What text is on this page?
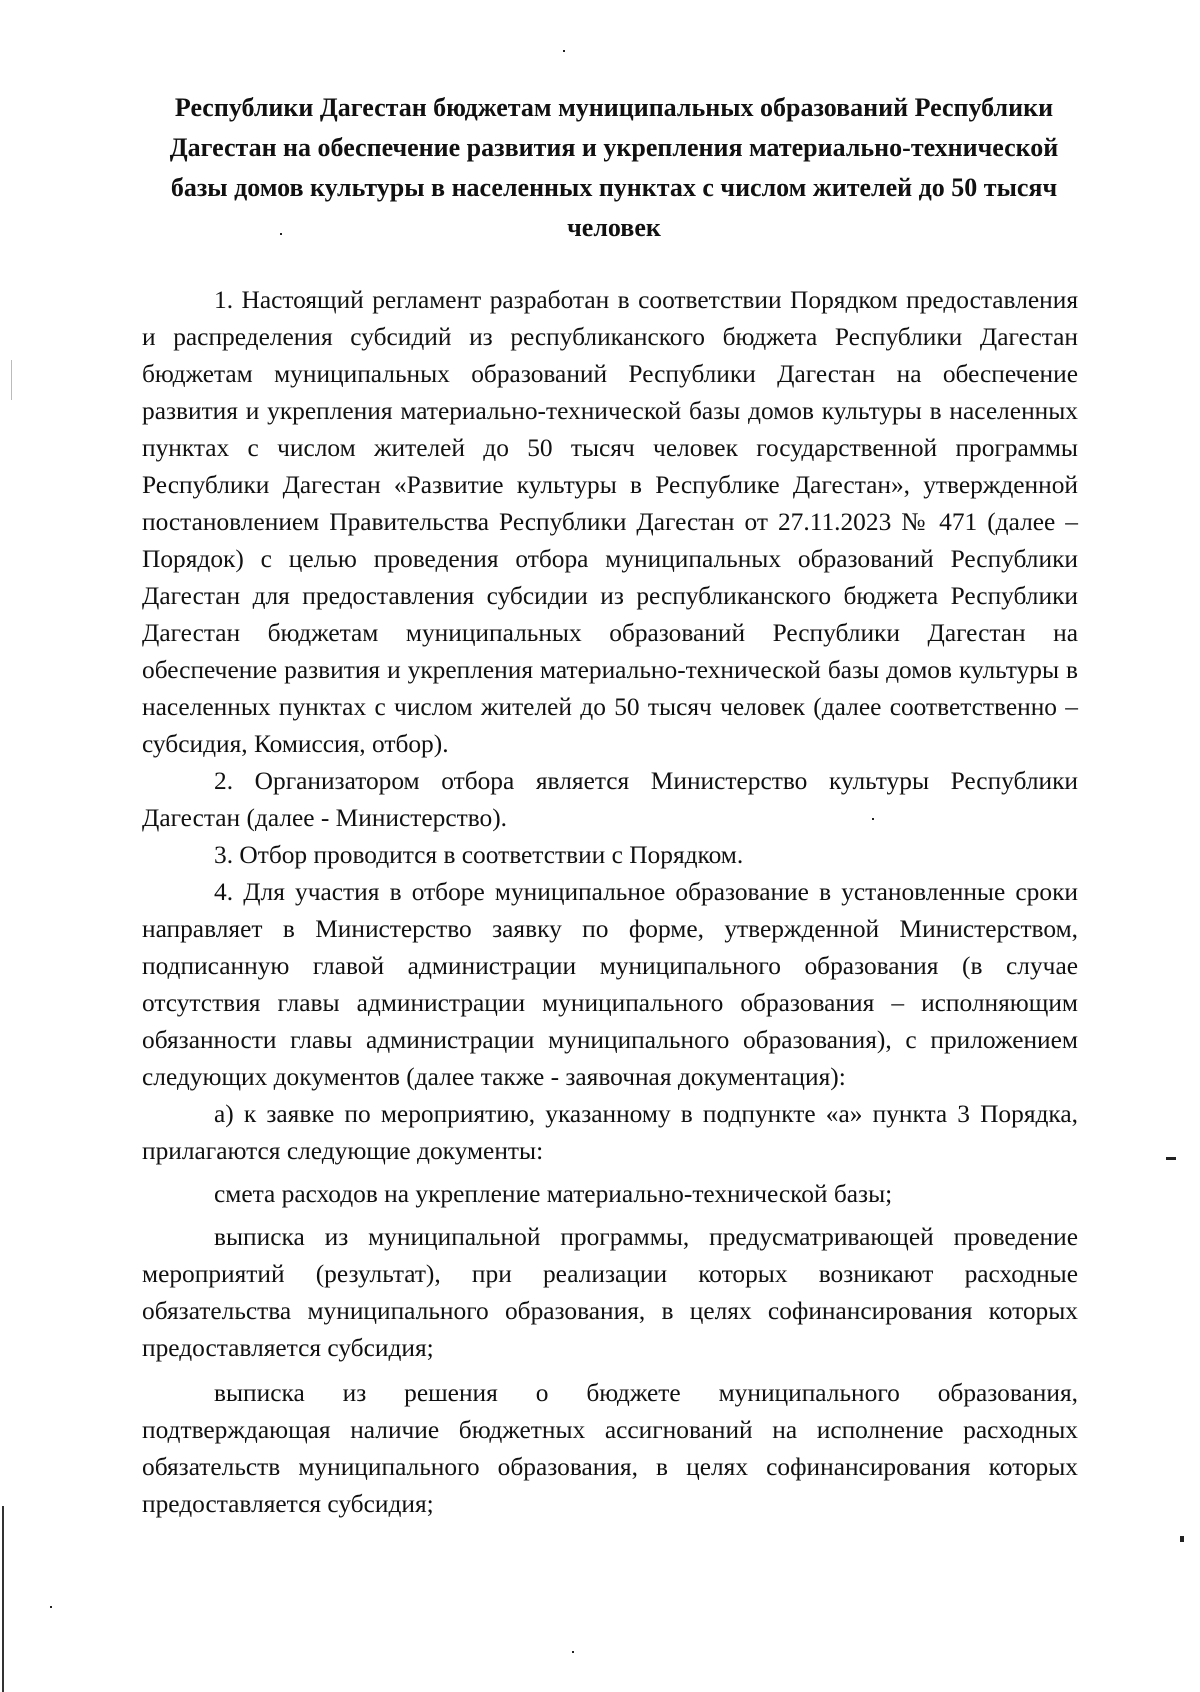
Республики Дагестан бюджетам муниципальных образований Республики Дагестан на обеспечение развития и укрепления материально-технической базы домов культуры в населенных пунктах с числом жителей до 50 тысяч человек

1. Настоящий регламент разработан в соответствии Порядком предоставления и распределения субсидий из республиканского бюджета Республики Дагестан бюджетам муниципальных образований Республики Дагестан на обеспечение развития и укрепления материально-технической базы домов культуры в населенных пунктах с числом жителей до 50 тысяч человек государственной программы Республики Дагестан «Развитие культуры в Республике Дагестан», утвержденной постановлением Правительства Республики Дагестан от 27.11.2023 № 471 (далее – Порядок) с целью проведения отбора муниципальных образований Республики Дагестан для предоставления субсидии из республиканского бюджета Республики Дагестан бюджетам муниципальных образований Республики Дагестан на обеспечение развития и укрепления материально-технической базы домов культуры в населенных пунктах с числом жителей до 50 тысяч человек (далее соответственно – субсидия, Комиссия, отбор).

2. Организатором отбора является Министерство культуры Республики Дагестан (далее - Министерство).

3. Отбор проводится в соответствии с Порядком.

4. Для участия в отборе муниципальное образование в установленные сроки направляет в Министерство заявку по форме, утвержденной Министерством, подписанную главой администрации муниципального образования (в случае отсутствия главы администрации муниципального образования – исполняющим обязанности главы администрации муниципального образования), с приложением следующих документов (далее также - заявочная документация):

а) к заявке по мероприятию, указанному в подпункте «а» пункта 3 Порядка, прилагаются следующие документы:

смета расходов на укрепление материально-технической базы;

выписка из муниципальной программы, предусматривающей проведение мероприятий (результат), при реализации которых возникают расходные обязательства муниципального образования, в целях софинансирования которых предоставляется субсидия;

выписка из решения о бюджете муниципального образования, подтверждающая наличие бюджетных ассигнований на исполнение расходных обязательств муниципального образования, в целях софинансирования которых предоставляется субсидия;
